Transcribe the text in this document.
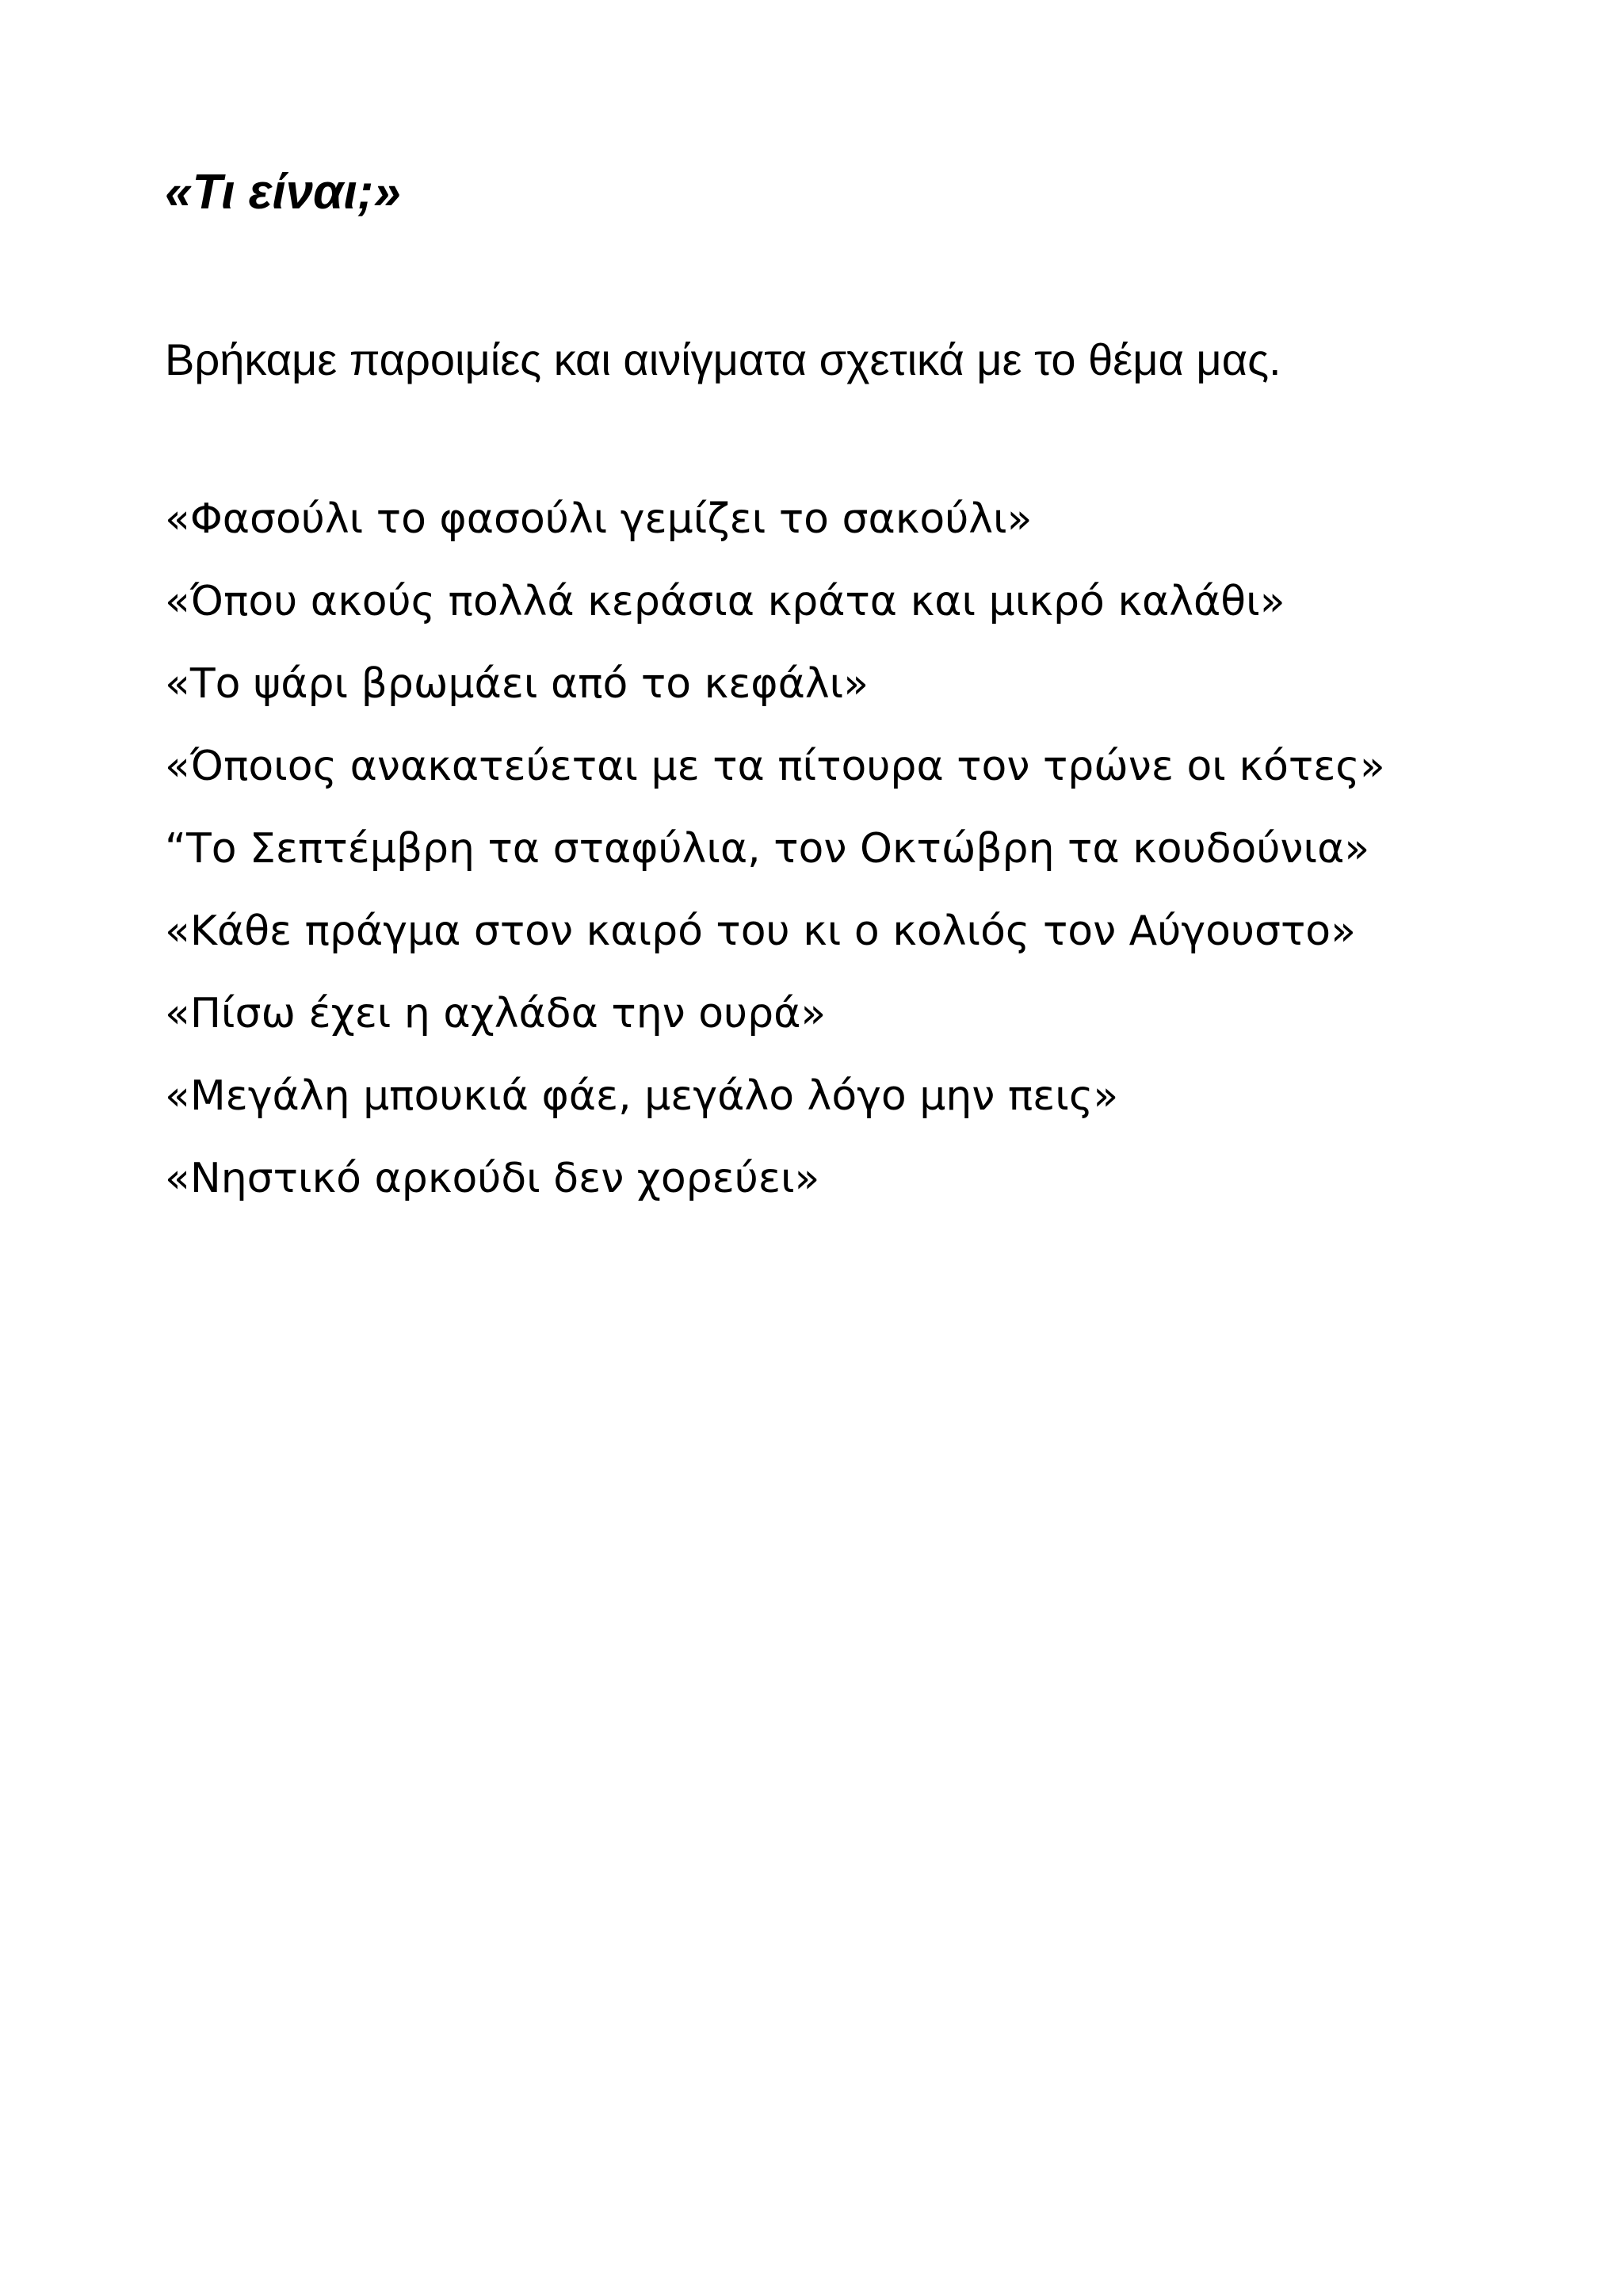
«Τι είναι;»

Βρήκαμε παροιμίες και αινίγματα σχετικά με το θέμα μας.

«Φασούλι το φασούλι γεμίζει το σακούλι»
«Όπου ακούς πολλά κεράσια κράτα και μικρό καλάθι»
«Το ψάρι βρωμάει από το κεφάλι»
«Όποιος ανακατεύεται με τα πίτουρα τον τρώνε οι κότες»
“Το Σεπτέμβρη τα σταφύλια, τον Οκτώβρη τα κουδούνια»
«Κάθε πράγμα στον καιρό του κι ο κολιός τον Αύγουστο»
«Πίσω έχει η αχλάδα την ουρά»
«Μεγάλη μπουκιά φάε, μεγάλο λόγο μην πεις»
«Νηστικό αρκούδι δεν χορεύει»
